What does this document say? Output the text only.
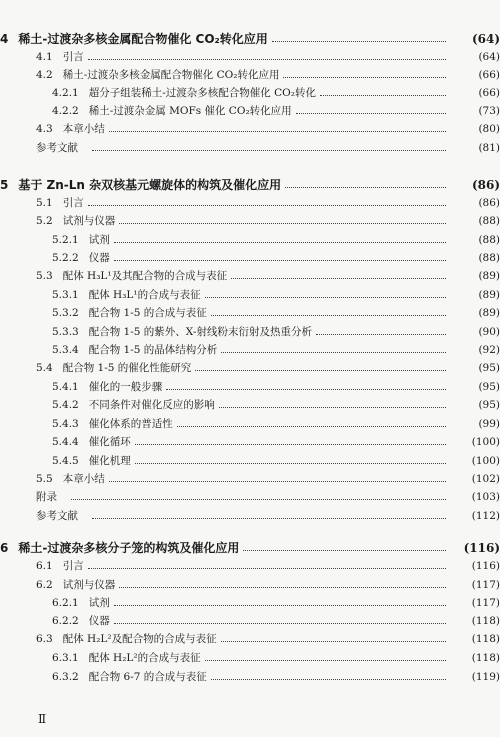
4 稀土-过渡杂多核金属配合物催化 CO₂转化应用	(64)
4.1 引言	(64)
4.2 稀土-过渡杂多核金属配合物催化 CO₂转化应用	(66)
4.2.1 超分子组装稀土-过渡杂多核配合物催化 CO₂转化	(66)
4.2.2 稀土-过渡杂金属 MOFs 催化 CO₂转化应用	(73)
4.3 本章小结	(80)
参考文献	(81)
5 基于 Zn-Ln 杂双核基元螺旋体的构筑及催化应用	(86)
5.1 引言	(86)
5.2 试剂与仪器	(88)
5.2.1 试剂	(88)
5.2.2 仪器	(88)
5.3 配体 H₃L¹及其配合物的合成与表征	(89)
5.3.1 配体 H₃L¹的合成与表征	(89)
5.3.2 配合物 1-5 的合成与表征	(89)
5.3.3 配合物 1-5 的紫外、X-射线粉末衍射及热重分析	(90)
5.3.4 配合物 1-5 的晶体结构分析	(92)
5.4 配合物 1-5 的催化性能研究	(95)
5.4.1 催化的一般步骤	(95)
5.4.2 不同条件对催化反应的影响	(95)
5.4.3 催化体系的普适性	(99)
5.4.4 催化循环	(100)
5.4.5 催化机理	(100)
5.5 本章小结	(102)
附录	(103)
参考文献	(112)
6 稀土-过渡杂多核分子笼的构筑及催化应用	(116)
6.1 引言	(116)
6.2 试剂与仪器	(117)
6.2.1 试剂	(117)
6.2.2 仪器	(118)
6.3 配体 H₂L²及配合物的合成与表征	(118)
6.3.1 配体 H₂L²的合成与表征	(118)
6.3.2 配合物 6-7 的合成与表征	(119)
Ⅱ
